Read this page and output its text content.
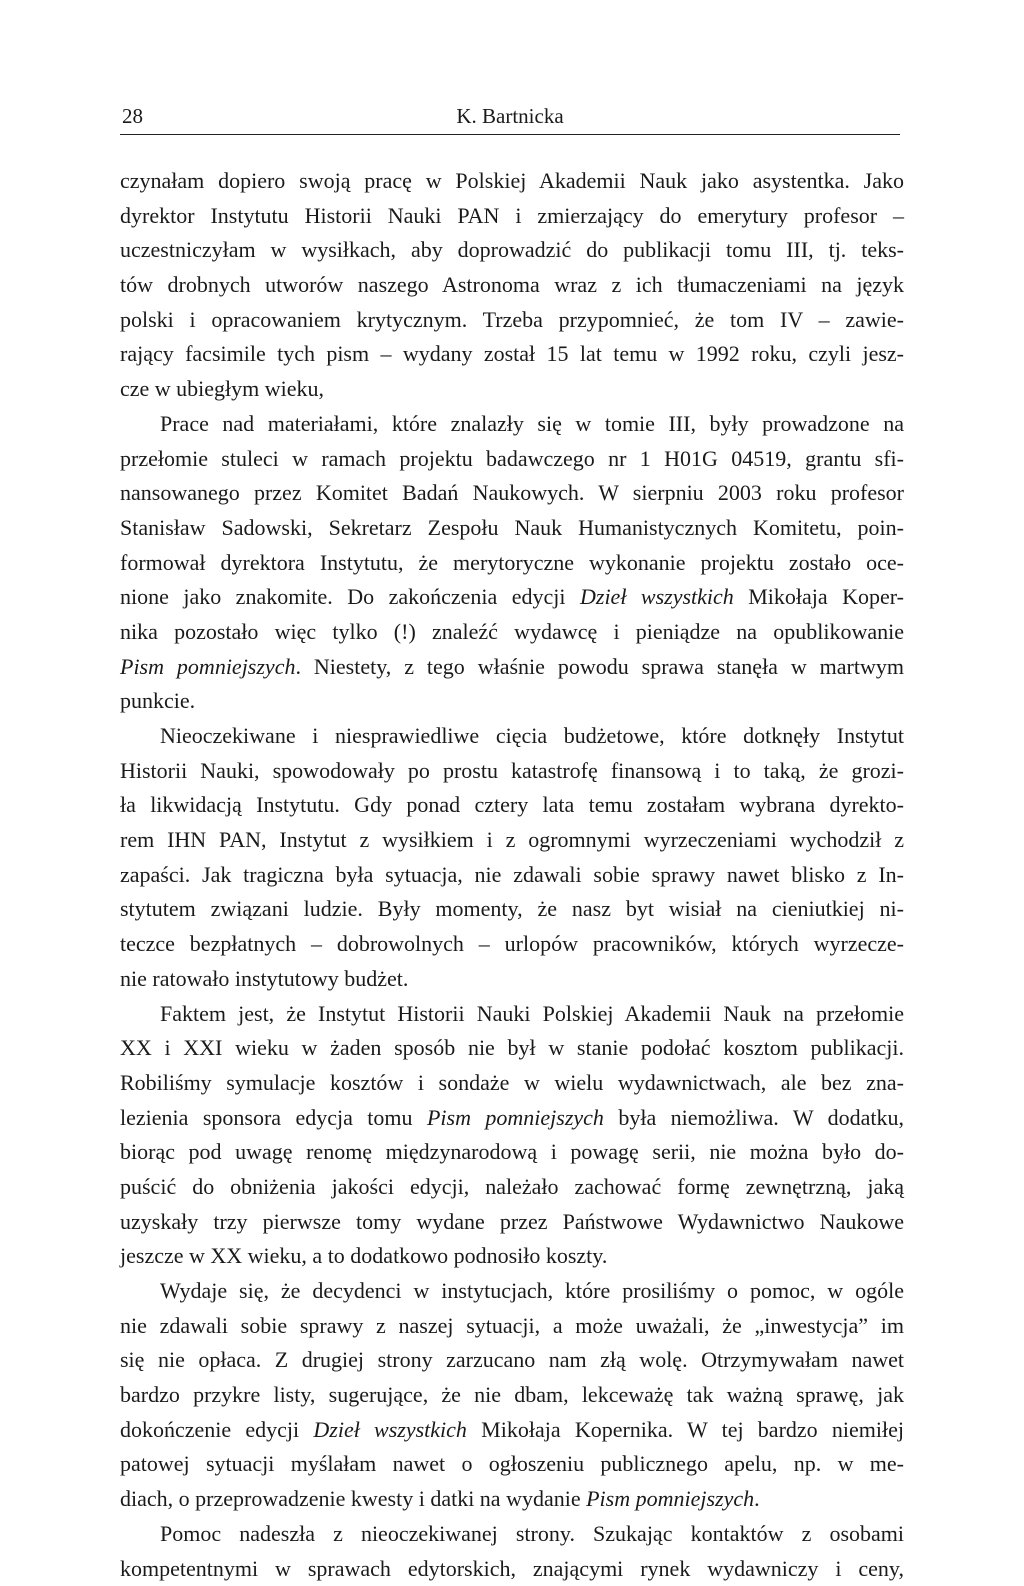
28	K. Bartnicka
czynałam dopiero swoją pracę w Polskiej Akademii Nauk jako asystentka. Jako
dyrektor Instytutu Historii Nauki PAN i zmierzający do emerytury profesor –
uczestniczyłam w wysiłkach, aby doprowadzić do publikacji tomu III, tj. teks-
tów drobnych utworów naszego Astronoma wraz z ich tłumaczeniami na język
polski i opracowaniem krytycznym. Trzeba przypomnieć, że tom IV – zawie-
rający facsimile tych pism – wydany został 15 lat temu w 1992 roku, czyli jesz-
cze w ubiegłym wieku,
Prace nad materiałami, które znalazły się w tomie III, były prowadzone na
przełomie stuleci w ramach projektu badawczego nr 1 H01G 04519, grantu sfi-
nansowanego przez Komitet Badań Naukowych. W sierpniu 2003 roku profesor
Stanisław Sadowski, Sekretarz Zespołu Nauk Humanistycznych Komitetu, poin-
formował dyrektora Instytutu, że merytoryczne wykonanie projektu zostało oce-
nione jako znakomite. Do zakończenia edycji Dzieł wszystkich Mikołaja Koper-
nika pozostało więc tylko (!) znaleźć wydawcę i pieniądze na opublikowanie
Pism pomniejszych. Niestety, z tego właśnie powodu sprawa stanęła w martwym
punkcie.
Nieoczekiwane i niesprawiedliwe cięcia budżetowe, które dotknęły Instytut
Historii Nauki, spowodowały po prostu katastrofę finansową i to taką, że grozi-
ła likwidacją Instytutu. Gdy ponad cztery lata temu zostałam wybrana dyrekto-
rem IHN PAN, Instytut z wysiłkiem i z ogromnymi wyrzeczeniami wychodził z
zapaści. Jak tragiczna była sytuacja, nie zdawali sobie sprawy nawet blisko z In-
stytutem związani ludzie. Były momenty, że nasz byt wisiał na cieniutkiej ni-
teczce bezpłatnych – dobrowolnych – urlopów pracowników, których wyrzecze-
nie ratowało instytutowy budżet.
Faktem jest, że Instytut Historii Nauki Polskiej Akademii Nauk na przełomie
XX i XXI wieku w żaden sposób nie był w stanie podołać kosztom publikacji.
Robiliśmy symulacje kosztów i sondaże w wielu wydawnictwach, ale bez zna-
lezienia sponsora edycja tomu Pism pomniejszych była niemożliwa. W dodatku,
biorąc pod uwagę renomę międzynarodową i powagę serii, nie można było do-
puścić do obniżenia jakości edycji, należało zachować formę zewnętrzną, jaką
uzyskały trzy pierwsze tomy wydane przez Państwowe Wydawnictwo Naukowe
jeszcze w XX wieku, a to dodatkowo podnosiło koszty.
Wydaje się, że decydenci w instytucjach, które prosiliśmy o pomoc, w ogóle
nie zdawali sobie sprawy z naszej sytuacji, a może uważali, że „inwestycja” im
się nie opłaca. Z drugiej strony zarzucano nam złą wolę. Otrzymywałam nawet
bardzo przykre listy, sugerujące, że nie dbam, lekceważę tak ważną sprawę, jak
dokończenie edycji Dzieł wszystkich Mikołaja Kopernika. W tej bardzo niemiłej
patowej sytuacji myślałam nawet o ogłoszeniu publicznego apelu, np. w me-
diach, o przeprowadzenie kwesty i datki na wydanie Pism pomniejszych.
Pomoc nadeszła z nieoczekiwanej strony. Szukając kontaktów z osobami
kompetentnymi w sprawach edytorskich, znającymi rynek wydawniczy i ceny,
